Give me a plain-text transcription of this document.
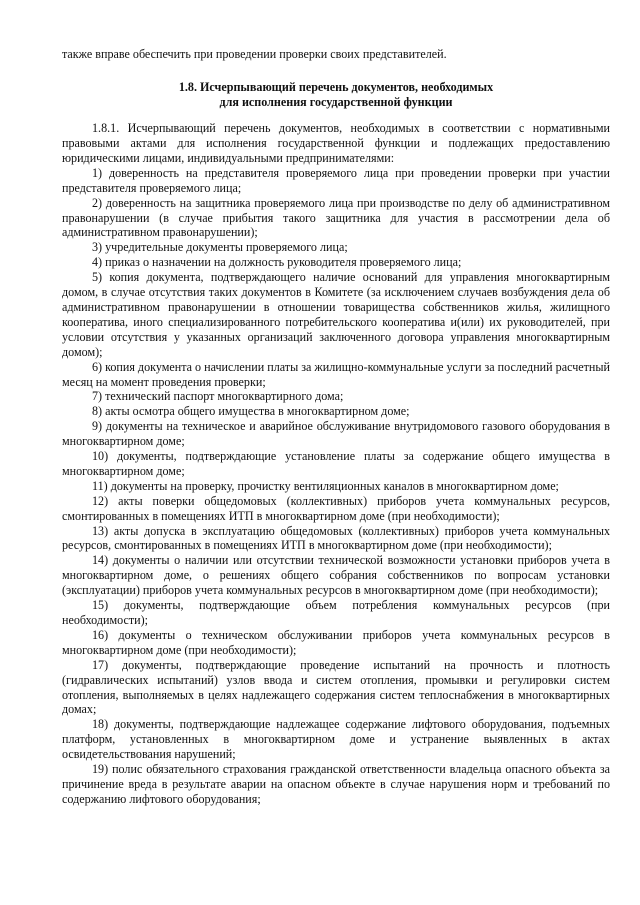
также вправе обеспечить при проведении проверки своих представителей.

1.8. Исчерпывающий перечень документов, необходимых
для исполнения государственной функции

1.8.1. Исчерпывающий перечень документов, необходимых в соответствии с нормативными правовыми актами для исполнения государственной функции и подлежащих предоставлению юридическими лицами, индивидуальными предпринимателями:

1) доверенность на представителя проверяемого лица при проведении проверки при участии представителя проверяемого лица;

2) доверенность на защитника проверяемого лица при производстве по делу об административном правонарушении (в случае прибытия такого защитника для участия в рассмотрении дела об административном правонарушении);

3) учредительные документы проверяемого лица;

4) приказ о назначении на должность руководителя проверяемого лица;

5) копия документа, подтверждающего наличие оснований для управления многоквартирным домом, в случае отсутствия таких документов в Комитете (за исключением случаев возбуждения дела об административном правонарушении в отношении товарищества собственников жилья, жилищного кооператива, иного специализированного потребительского кооператива и(или) их руководителей, при условии отсутствия у указанных организаций заключенного договора управления многоквартирным домом);

6) копия документа о начислении платы за жилищно-коммунальные услуги за последний расчетный месяц на момент проведения проверки;

7) технический паспорт многоквартирного дома;

8) акты осмотра общего имущества в многоквартирном доме;

9) документы на техническое и аварийное обслуживание внутридомового газового оборудования в многоквартирном доме;

10) документы, подтверждающие установление платы за содержание общего имущества в многоквартирном доме;

11) документы на проверку, прочистку вентиляционных каналов в многоквартирном доме;

12) акты поверки общедомовых (коллективных) приборов учета коммунальных ресурсов, смонтированных в помещениях ИТП в многоквартирном доме (при необходимости);

13) акты допуска в эксплуатацию общедомовых (коллективных) приборов учета коммунальных ресурсов, смонтированных в помещениях ИТП в многоквартирном доме (при необходимости);

14) документы о наличии или отсутствии технической возможности установки приборов учета в многоквартирном доме, о решениях общего собрания собственников по вопросам установки (эксплуатации) приборов учета коммунальных ресурсов в многоквартирном доме (при необходимости);

15) документы, подтверждающие объем потребления коммунальных ресурсов (при необходимости);

16) документы о техническом обслуживании приборов учета коммунальных ресурсов в многоквартирном доме (при необходимости);

17) документы, подтверждающие проведение испытаний на прочность и плотность (гидравлических испытаний) узлов ввода и систем отопления, промывки и регулировки систем отопления, выполняемых в целях надлежащего содержания систем теплоснабжения в многоквартирных домах;

18) документы, подтверждающие надлежащее содержание лифтового оборудования, подъемных платформ, установленных в многоквартирном доме и устранение выявленных в актах освидетельствования нарушений;

19) полис обязательного страхования гражданской ответственности владельца опасного объекта за причинение вреда в результате аварии на опасном объекте в случае нарушения норм и требований по содержанию лифтового оборудования;
